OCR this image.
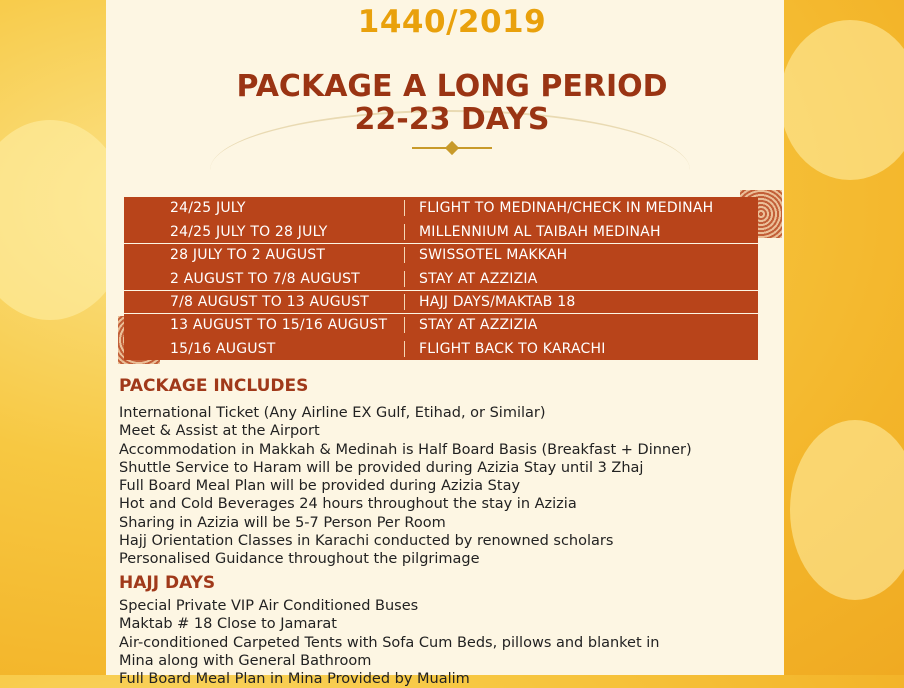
1440/2019
PACKAGE A LONG PERIOD
22-23 DAYS
24/25 JULY	FLIGHT TO MEDINAH/CHECK IN MEDINAH
24/25 JULY TO 28 JULY	MILLENNIUM AL TAIBAH MEDINAH
28 JULY TO 2 AUGUST	SWISSOTEL MAKKAH
2 AUGUST TO 7/8 AUGUST	STAY AT AZZIZIA
7/8 AUGUST TO 13 AUGUST	HAJJ DAYS/MAKTAB 18
13 AUGUST TO 15/16 AUGUST	STAY AT AZZIZIA
15/16 AUGUST	FLIGHT BACK TO KARACHI
PACKAGE INCLUDES
International Ticket (Any Airline EX Gulf, Etihad, or Similar)
Meet & Assist at the Airport
Accommodation in Makkah & Medinah is Half Board Basis (Breakfast + Dinner)
Shuttle Service to Haram will be provided during Azizia Stay until 3 Zhaj
Full Board Meal Plan will be provided during Azizia Stay
Hot and Cold Beverages 24 hours throughout the stay in Azizia
Sharing in Azizia will be 5-7 Person Per Room
Hajj Orientation Classes in Karachi conducted by renowned scholars
Personalised Guidance throughout the pilgrimage
HAJJ DAYS
Special Private VIP Air Conditioned Buses
Maktab # 18 Close to Jamarat
Air-conditioned Carpeted Tents with Sofa Cum Beds, pillows and blanket in
Mina along with General Bathroom
Full Board Meal Plan in Mina Provided by Mualim
